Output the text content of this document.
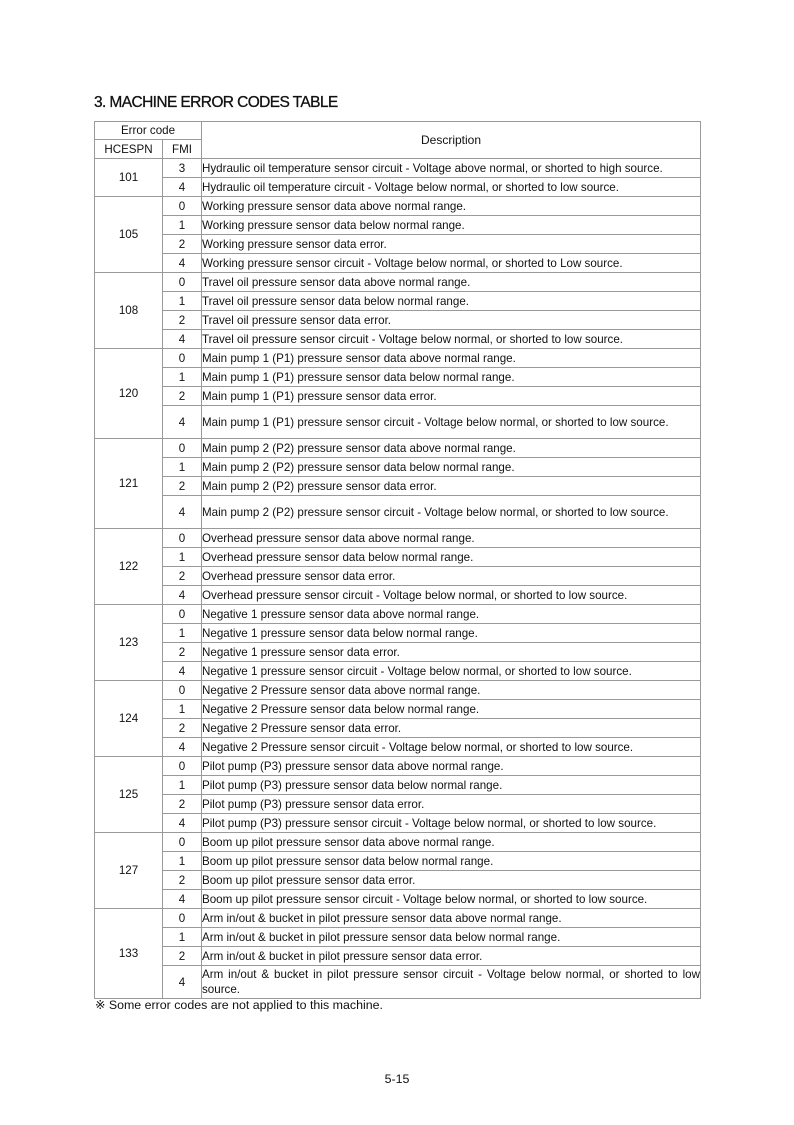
3. MACHINE ERROR CODES TABLE
Error code		Description
HCESPN	FMI	
101	3	Hydraulic oil temperature sensor circuit - Voltage above normal, or shorted to high source.
	4	Hydraulic oil temperature circuit - Voltage below normal, or shorted to low source.
105	0	Working pressure sensor data above normal range.
	1	Working pressure sensor data below normal range.
	2	Working pressure sensor data error.
	4	Working pressure sensor circuit - Voltage below normal, or shorted to Low source.
108	0	Travel oil pressure sensor data above normal range.
	1	Travel oil pressure sensor data below normal range.
	2	Travel oil pressure sensor data error.
	4	Travel oil pressure sensor circuit - Voltage below normal, or shorted to low source.
120	0	Main pump 1 (P1) pressure sensor data above normal range.
	1	Main pump 1 (P1) pressure sensor data below normal range.
	2	Main pump 1 (P1) pressure sensor data error.
	4	Main pump 1 (P1) pressure sensor circuit - Voltage below normal, or shorted to low source.
121	0	Main pump 2 (P2) pressure sensor data above normal range.
	1	Main pump 2 (P2) pressure sensor data below normal range.
	2	Main pump 2 (P2) pressure sensor data error.
	4	Main pump 2 (P2) pressure sensor circuit - Voltage below normal, or shorted to low source.
122	0	Overhead pressure sensor data above normal range.
	1	Overhead pressure sensor data below normal range.
	2	Overhead pressure sensor data error.
	4	Overhead pressure sensor circuit - Voltage below normal, or shorted to low source.
123	0	Negative 1 pressure sensor data above normal range.
	1	Negative 1 pressure sensor data below normal range.
	2	Negative 1 pressure sensor data error.
	4	Negative 1 pressure sensor circuit - Voltage below normal, or shorted to low source.
124	0	Negative 2 Pressure sensor data above normal range.
	1	Negative 2 Pressure sensor data below normal range.
	2	Negative 2 Pressure sensor data error.
	4	Negative 2 Pressure sensor circuit - Voltage below normal, or shorted to low source.
125	0	Pilot pump (P3) pressure sensor data above normal range.
	1	Pilot pump (P3) pressure sensor data below normal range.
	2	Pilot pump (P3) pressure sensor data error.
	4	Pilot pump (P3) pressure sensor circuit - Voltage below normal, or shorted to low source.
127	0	Boom up pilot pressure sensor data above normal range.
	1	Boom up pilot pressure sensor data below normal range.
	2	Boom up pilot pressure sensor data error.
	4	Boom up pilot pressure sensor circuit - Voltage below normal, or shorted to low source.
133	0	Arm in/out & bucket in pilot pressure sensor data above normal range.
	1	Arm in/out & bucket in pilot pressure sensor data below normal range.
	2	Arm in/out & bucket in pilot pressure sensor data error.
	4	Arm in/out & bucket in pilot pressure sensor circuit - Voltage below normal, or shorted to low source.
※ Some error codes are not applied to this machine.
5-15
